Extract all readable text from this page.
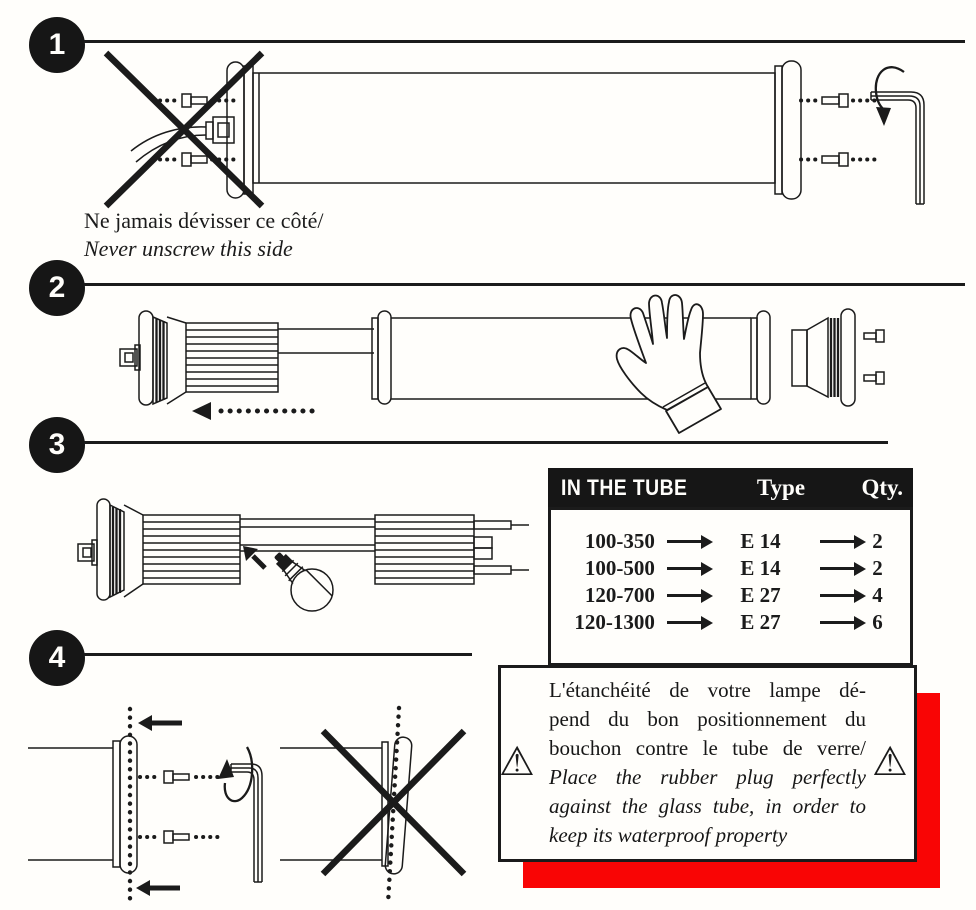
1
2
3
4
Ne jamais dévisser ce côté/
Never unscrew this side
IN THE TUBE	Type	Qty.
100-350	E 14	2
100-500	E 14	2
120-700	E 27	4
120-1300	E 27	6
⚠	⚠
L'étanchéité de votre lampe dé-
pend du bon positionnement du
bouchon contre le tube de verre/
Place the rubber plug perfectly
against the glass tube, in order to
keep its waterproof property
